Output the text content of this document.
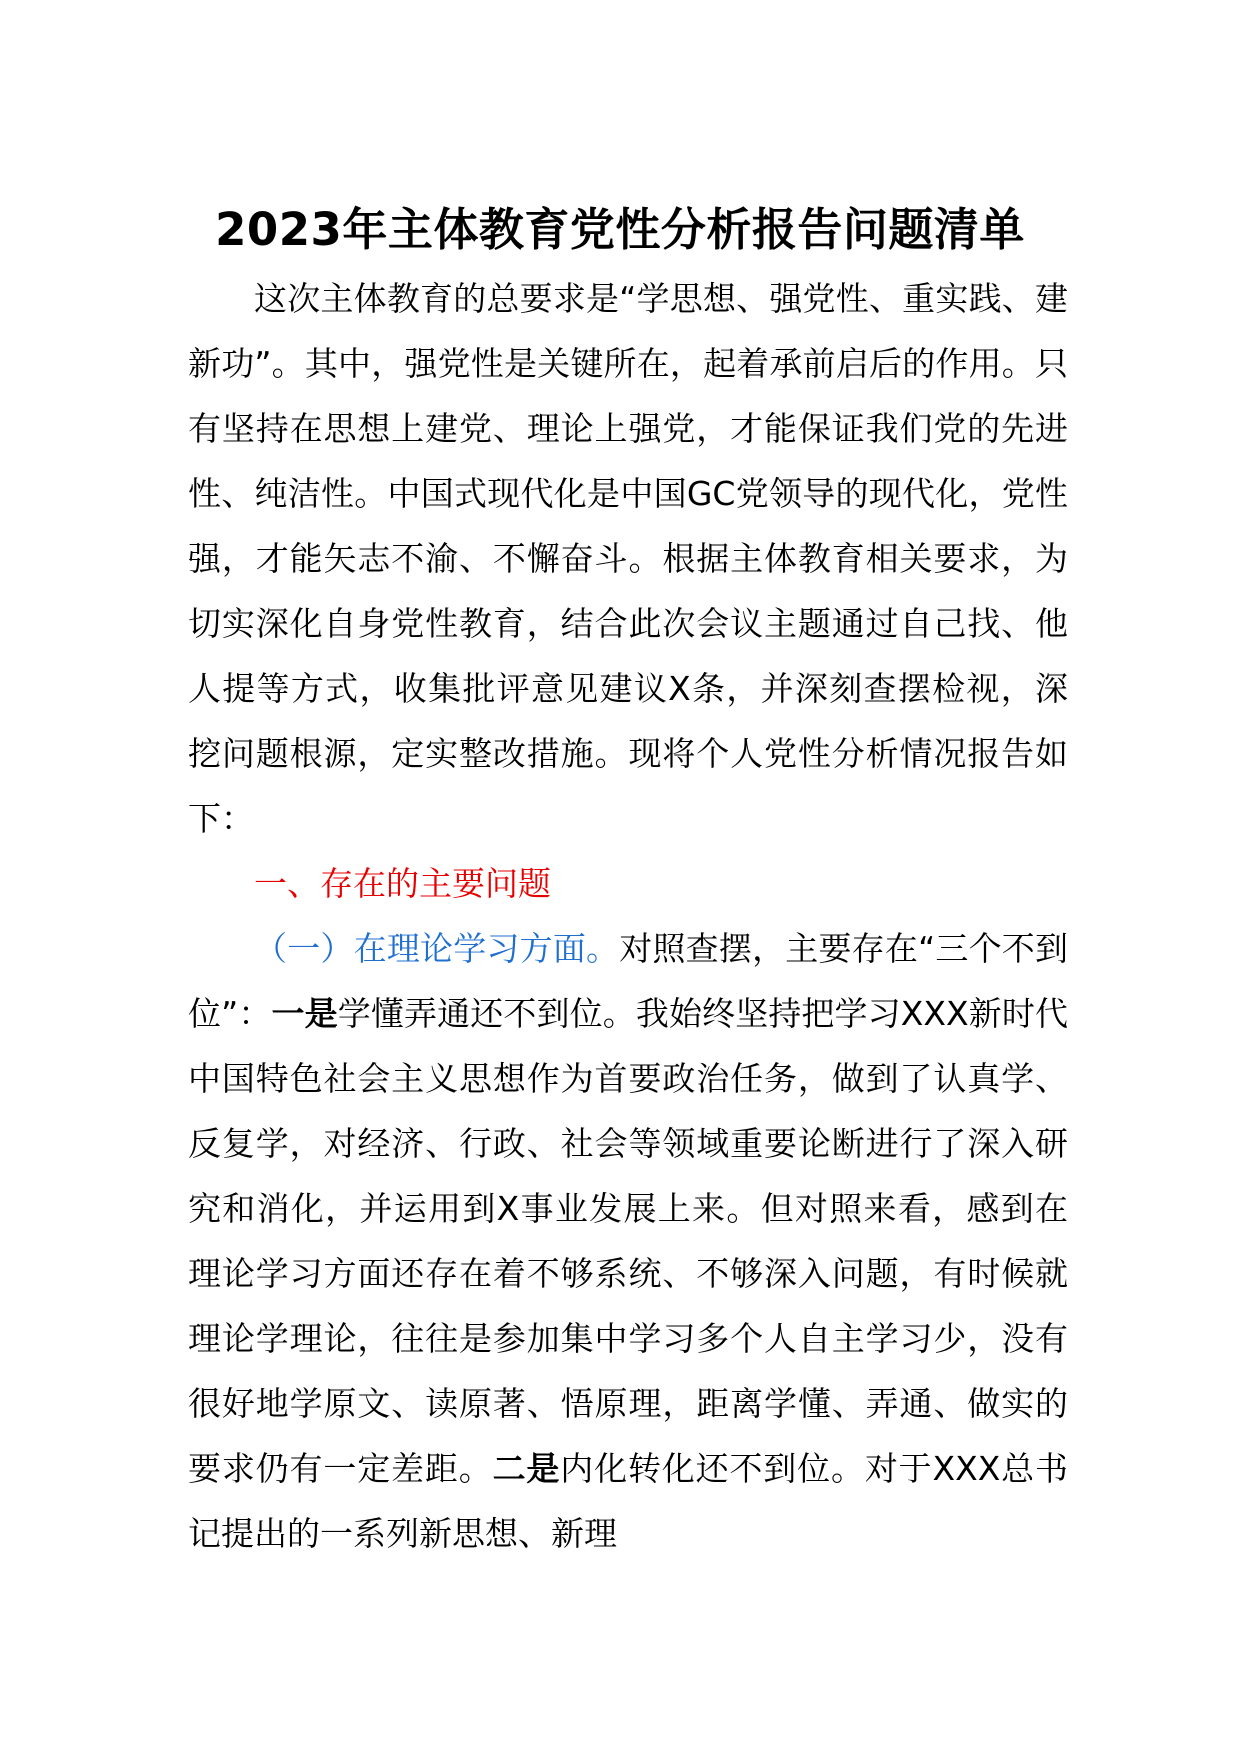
2023年主体教育党性分析报告问题清单

这次主体教育的总要求是“学思想、强党性、重实践、建新功”。其中，强党性是关键所在，起着承前启后的作用。只有坚持在思想上建党、理论上强党，才能保证我们党的先进性、纯洁性。中国式现代化是中国GC党领导的现代化，党性强，才能矢志不渝、不懈奋斗。根据主体教育相关要求，为切实深化自身党性教育，结合此次会议主题通过自己找、他人提等方式，收集批评意见建议X条，并深刻查摆检视，深挖问题根源，定实整改措施。现将个人党性分析情况报告如下：

一、存在的主要问题

（一）在理论学习方面。对照查摆，主要存在“三个不到位”：一是学懂弄通还不到位。我始终坚持把学习XXX新时代中国特色社会主义思想作为首要政治任务，做到了认真学、反复学，对经济、行政、社会等领域重要论断进行了深入研究和消化，并运用到X事业发展上来。但对照来看，感到在理论学习方面还存在着不够系统、不够深入问题，有时候就理论学理论，往往是参加集中学习多个人自主学习少，没有很好地学原文、读原著、悟原理，距离学懂、弄通、做实的要求仍有一定差距。二是内化转化还不到位。对于XXX总书记提出的一系列新思想、新理
